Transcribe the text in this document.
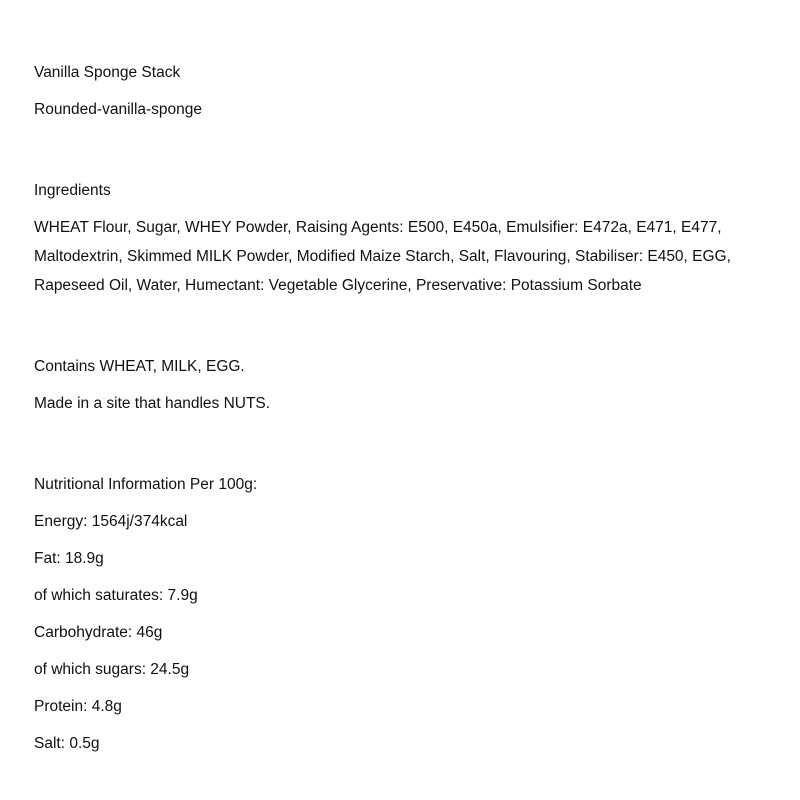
Vanilla Sponge Stack

Rounded-vanilla-sponge

Ingredients

WHEAT Flour, Sugar, WHEY Powder, Raising Agents: E500, E450a, Emulsifier: E472a, E471, E477,

Maltodextrin, Skimmed MILK Powder, Modified Maize Starch, Salt, Flavouring, Stabiliser: E450, EGG,

Rapeseed Oil, Water, Humectant: Vegetable Glycerine, Preservative: Potassium Sorbate

Contains WHEAT, MILK, EGG.

Made in a site that handles NUTS.

Nutritional Information Per 100g:

Energy: 1564j/374kcal

Fat: 18.9g

of which saturates: 7.9g

Carbohydrate: 46g

of which sugars: 24.5g

Protein: 4.8g

Salt: 0.5g
